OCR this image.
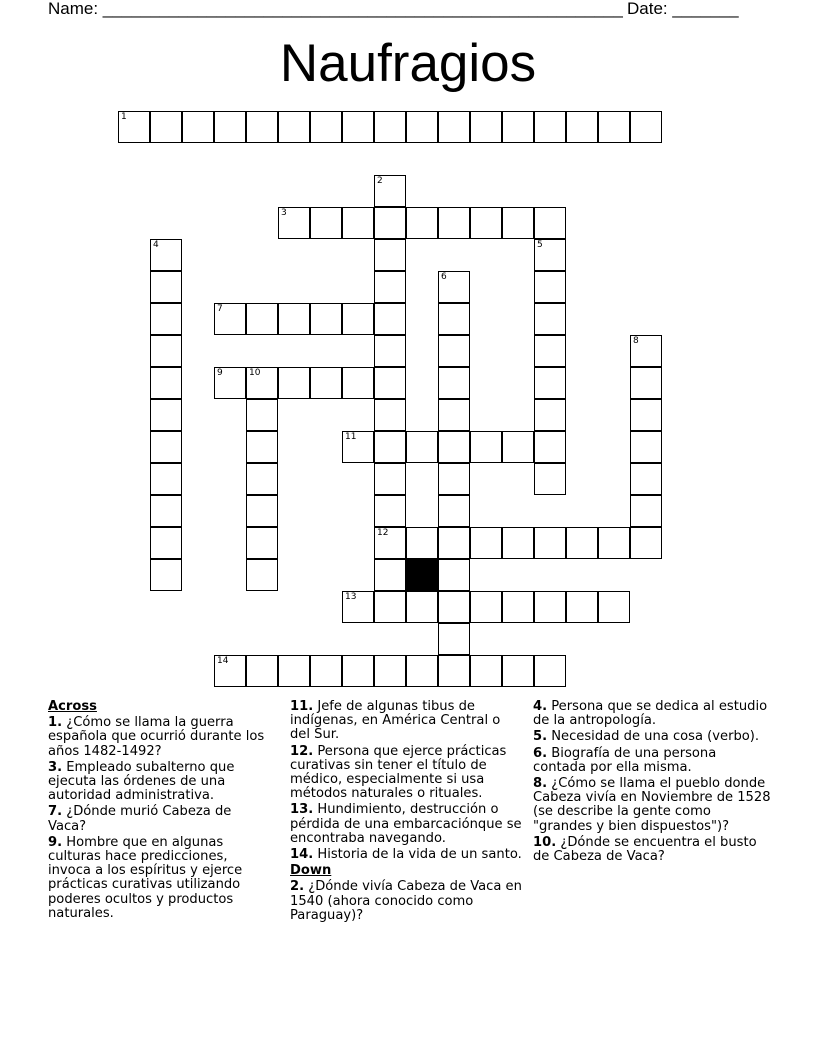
Name: _______________________________________________________ Date: _______
Naufragios
1
2
3
4	5
6
7
8
9	10
11
12
13
14
Across
1. ¿Cómo se llama la guerra española que ocurrió durante los años 1482-1492?
3. Empleado subalterno que ejecuta las órdenes de una autoridad administrativa.
7. ¿Dónde murió Cabeza de Vaca?
9. Hombre que en algunas culturas hace predicciones, invoca a los espíritus y ejerce prácticas curativas utilizando poderes ocultos y productos naturales.
11. Jefe de algunas tibus de indígenas, en América Central o del Sur.
12. Persona que ejerce prácticas curativas sin tener el título de médico, especialmente si usa métodos naturales o rituales.
13. Hundimiento, destrucción o pérdida de una embarcaciónque se encontraba navegando.
14. Historia de la vida de un santo.
Down
2. ¿Dónde vivía Cabeza de Vaca en 1540 (ahora conocido como Paraguay)?
4. Persona que se dedica al estudio de la antropología.
5. Necesidad de una cosa (verbo).
6. Biografía de una persona contada por ella misma.
8. ¿Cómo se llama el pueblo donde Cabeza vivía en Noviembre de 1528 (se describe la gente como "grandes y bien dispuestos")?
10. ¿Dónde se encuentra el busto de Cabeza de Vaca?
